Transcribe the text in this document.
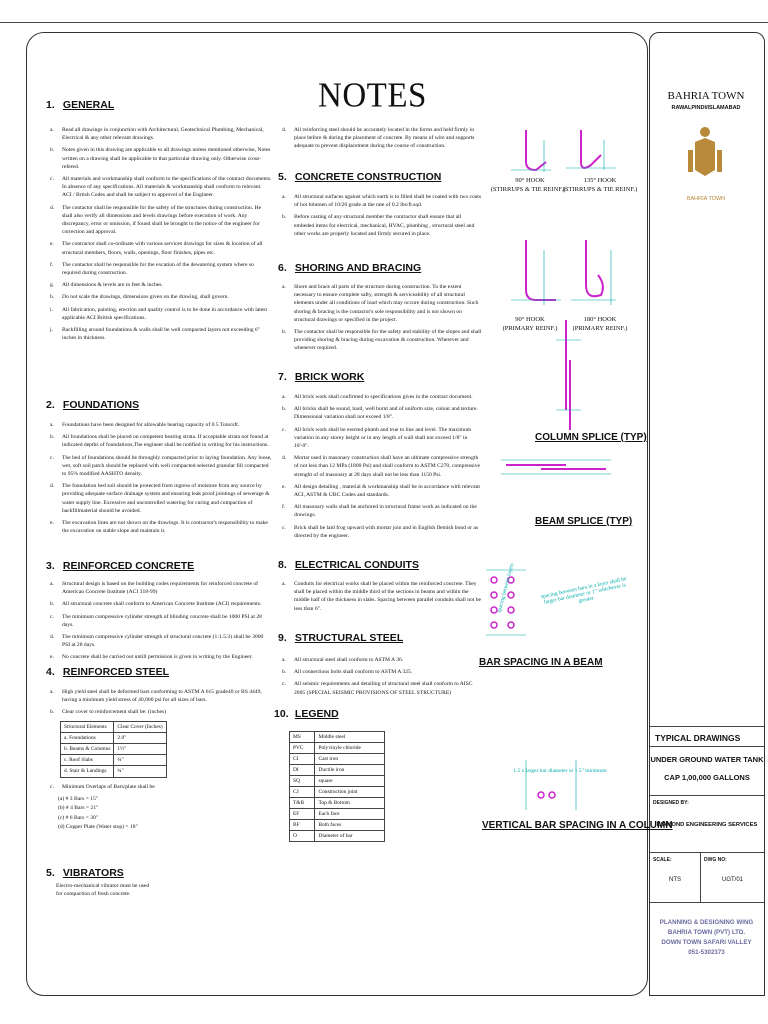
NOTES
1. GENERAL
a. Read all drawings in conjunction with Architectural, Geotechnical Plumbing, Mechanical, Electrical & any other relevant drawings.
b. Notes given in this drawing are applicable to all drawings unless mentioned otherwise, Notes written on a drawing shall be applicable to that particular drawing only. Otherwise cross-refered.
c. All materials and workmanship shall conform to the specifications of the contract documents. In absence of any specifications. All materials & workmanship shall conform to relevant. ACI / Brtish Codes and shall be subject to approvel of the Engineer.
d. The contactor shall be responsible for the safety of the structures during construction. He shall also verify all dimensions and levels drawings before execution of work. Any discrepancy, error or omission, if found shall be brought to the notice of the engineer for correction and approval.
e. The contractor shall co-ordinate with various services drawings for sizes & location of all structural members, floors, walls, openings, floor finishes, pipes etc.
f. The contactor shall be responsible for the excation of the dewatering system where so required during construction.
g. All dimensions & levels are in feet & inches.
h. Do not scale the drawings, dimensions given on the drawing, shall govern.
i. All fabrication, painting, erection and quality control is to be done in accordance with latest applicable ACI British specifications.
j. Backfilling around foundations & walls shall be well compacted layers not exceeding 6" inches in thickness.
2. FOUNDATIONS
a. Foundations have been designed for allowable bearing capacity of 0.5 Tons/sft.
b. All foundations shall be placed on competent bearing strata. If acceptable strata not found at indicated depths of foundations,The engineer shall be notified in writing for his instructions.
c. The bed of foundations should be throughly compacted prior to laying foundation. Any loose, wet, soft soil patch should be replaced with well compacted selected granular fill compacted to 95% modified AASHTO density.
d. The foundation bed soil should be protected from ingress of moisture from any source by providing adequate surface drainage system and ensuring leak proof jointings of sewerage & water supply line. Excessive and uncontrolled watering for curing and compaction of backfillmaterial should be avoided.
e. The excavation lines are not shown on the drawings. It is contractor's responsibility to make the excavation on stable slope and maintain it.
3. REINFORCED CONCRETE
a. Structural design is based on the building codes requirements for reinforced concrete of American Concrete Institute (ACI 318-99)
b. All structural concrete shall conform to American Concrete Institute (ACI) requirements.
c. The minimum compressive cylinder strength of blinding concrete shall be 1000 PSI at 28 days.
d. The minimum compressive cylinder strength of structural concrete (1:1.5:3) shall be 3000 PSI at 28 days.
e. No concrete shall be carried out untill permission is given in writing by the Engineer.
4. REINFORCED STEEL
a. High yield steel shall be deformed bars conforming to ASTM A 615 grade40 or BS 4449, having a minimum yield stress of 40,000 psi for all sizes of bars.
b. Clear cover to reinforcement shall be: (inches)
Structural Elements	Clear Cover (Inches)
a. Foundations	2.0"
b. Beams & Columns	1½"
c. Roof Slabs	¾"
d. Stair & Landings	¾"
c. Minimum Overlaps of Bars/plate shall be
(a) # 3 Bars = 15"
(b) # 4 Bars = 21"
(c) # 6 Bars = 30"
(d) Copper Plate (Water stop) = 18"
5. VIBRATORS
Electro-mechanical vibrator must be used for compaction of fresh concrete.
d. All reinforcing steel should be accurately located in the forms and held firmly in place before & during the placement of concrete. By means of wire and supports adequate to prevent displacement during the course of construction.
5. CONCRETE CONSTRUCTION
a. All structural surfaces against which earth is to filled shall be coated with two coats of hot bitumen of 10/20 grade at the rate of 0.2 lbs/ft.sqd.
b. Before casting of any structural member the contractor shall ensure that all embeded items for electrical, mechanical, HVAC, plumbing , structural steel and other works are properly located and firmly secured in place.
6. SHORING AND BRACING
a. Shore and brace all parts of the structure during construction. To the extent necessary to ensure complete safty, strength & serviceability of all structural elements under all conditions of load which may occure during construction. Such shoring & bracing is the contactor's sole responsibility and is not shown on structural drawings or specified in the project.
b. The contactor shall be responsible for the safety and stability of the slopes and shall providing shoring & bracing during excavation & construction. Wherever and whenever required.
7. BRICK WORK
a. All brick work shall confirmed to specifications gives in the contract document.
b. All bricks shall be sound, hard, well burnt and of uniform size, colour and texture. Dimensional variation shall not exceed 1/8".
c. All brick work shall be erected plumb and true to line and level. The maximum variation in any storey height or in any length of wall shall not exceed 1/8" in 10'-0".
d. Mortar used in masonary construction shall have an ultimate compressive strength of not less than 12 MPa (1800 Psi) and shall conform to ASTM C270, compressive strenght of of masonary at 28 days shall not be less than 1150 Psi.
e. All design detailing , material & workmanship shall be in accordance with relevant ACI, ASTM & UBC Codes and standards.
f. All masonary walls shall be anchored in structural frame work as indicated on the drawings.
c. Brick shall be laid frog upward with mortar join and in English flemish bond or as directed by the engineer.
8. ELECTRICAL CONDUITS
a. Conduits for electrical works shall be placed within the reinforced concrete. They shall be placed within the middle third of the sections in beams and within the middle half of the thickness in slabs. Spacing between parallel conduits shall not be less than 6".
9. STRUCTURAL STEEL
a. All structural steel shall conform to ASTM A 36.
b. All connections bolts shall conform to ASTM A 325.
c. All seismic requirements and detailing of structural steel shall conform to AISC 2005 (SPECIAL SEISMIC PROVISIONS OF STEEL STRUCTURE)
10. LEGEND
MS	Middle steel
PVC	Polyvinyle chloride
CI	Cast iron
DI	Ductile iron
SQ	square
CJ	Construction joint
T&B	Top & Bottom
EF	Each face
BF	Both faces
O	Diameter of bar
90° HOOK
(STIRRUPS & TIE REINF.)
135° HOOK
(STIRRUPS & TIE REINF.)
90° HOOK
(PRIMARY REINF.)
180° HOOK
(PRIMARY REINF.)
COLUMN SPLICE (TYP)
BEAM SPLICE (TYP)
spacing between layers	spacing between bars in a layer shall be larger bar diameter or 1" whichever is greater
BAR SPACING IN A BEAM
1.5 x larger bar diameter or 1.5" minimum
VERTICAL BAR SPACING IN A COLUMN
BAHRIA TOWN
RAWALPINDI/ISLAMABAD
BAHRIA TOWN
TYPICAL DRAWINGS
UNDER GROUND WATER TANK
CAP 1,00,000 GALLONS
DESIGNED BY:
DIAMOND ENGINEERING SERVICES
SCALE:	DWG NO:
NTS	UGT/01
PLANNING & DESIGNING WING
BAHRIA TOWN (PVT) LTD.
DOWN TOWN SAFARI VALLEY
051-5302373
